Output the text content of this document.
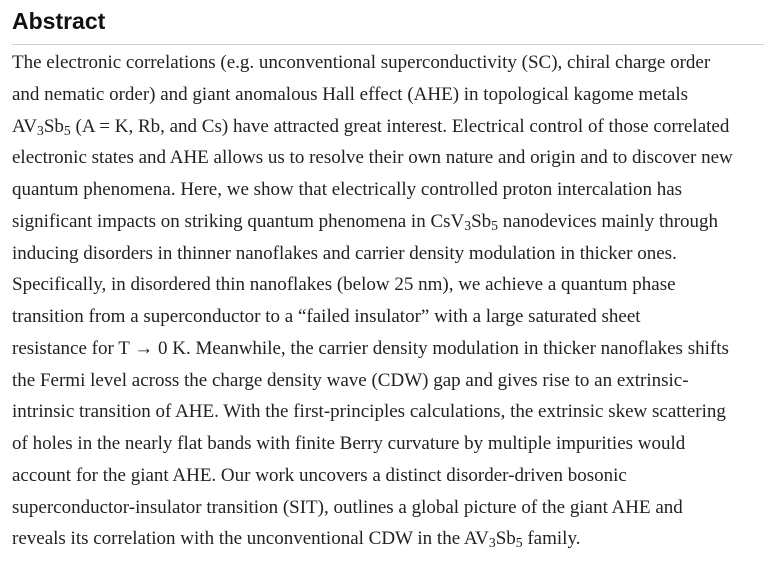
Abstract
The electronic correlations (e.g. unconventional superconductivity (SC), chiral charge order
and nematic order) and giant anomalous Hall effect (AHE) in topological kagome metals
$AV_3Sb_5$ (A = K, Rb, and Cs) have attracted great interest. Electrical control of those correlated
electronic states and AHE allows us to resolve their own nature and origin and to discover new
quantum phenomena. Here, we show that electrically controlled proton intercalation has
significant impacts on striking quantum phenomena in $CsV_3Sb_5$ nanodevices mainly through
inducing disorders in thinner nanoflakes and carrier density modulation in thicker ones.
Specifically, in disordered thin nanoflakes (below 25 nm), we achieve a quantum phase
transition from a superconductor to a “failed insulator” with a large saturated sheet
resistance for T → 0 K. Meanwhile, the carrier density modulation in thicker nanoflakes shifts
the Fermi level across the charge density wave (CDW) gap and gives rise to an extrinsic-
intrinsic transition of AHE. With the first-principles calculations, the extrinsic skew scattering
of holes in the nearly flat bands with finite Berry curvature by multiple impurities would
account for the giant AHE. Our work uncovers a distinct disorder-driven bosonic
superconductor-insulator transition (SIT), outlines a global picture of the giant AHE and
reveals its correlation with the unconventional CDW in the $AV_3Sb_5$ family.
